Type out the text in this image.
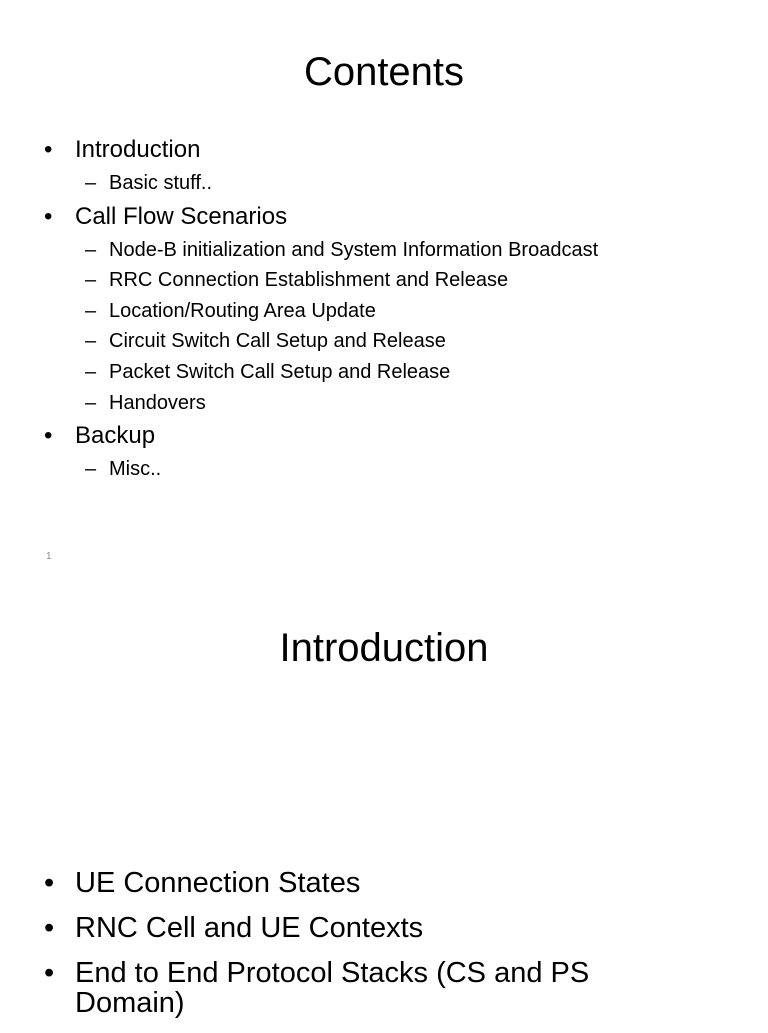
Contents
• Introduction
– Basic stuff..
• Call Flow Scenarios
– Node-B initialization and System Information Broadcast
– RRC Connection Establishment and Release
– Location/Routing Area Update
– Circuit Switch Call Setup and Release
– Packet Switch Call Setup and Release
– Handovers
• Backup
– Misc..
1
Introduction
• UE Connection States
• RNC Cell and UE Contexts
• End to End Protocol Stacks (CS and PS Domain)
